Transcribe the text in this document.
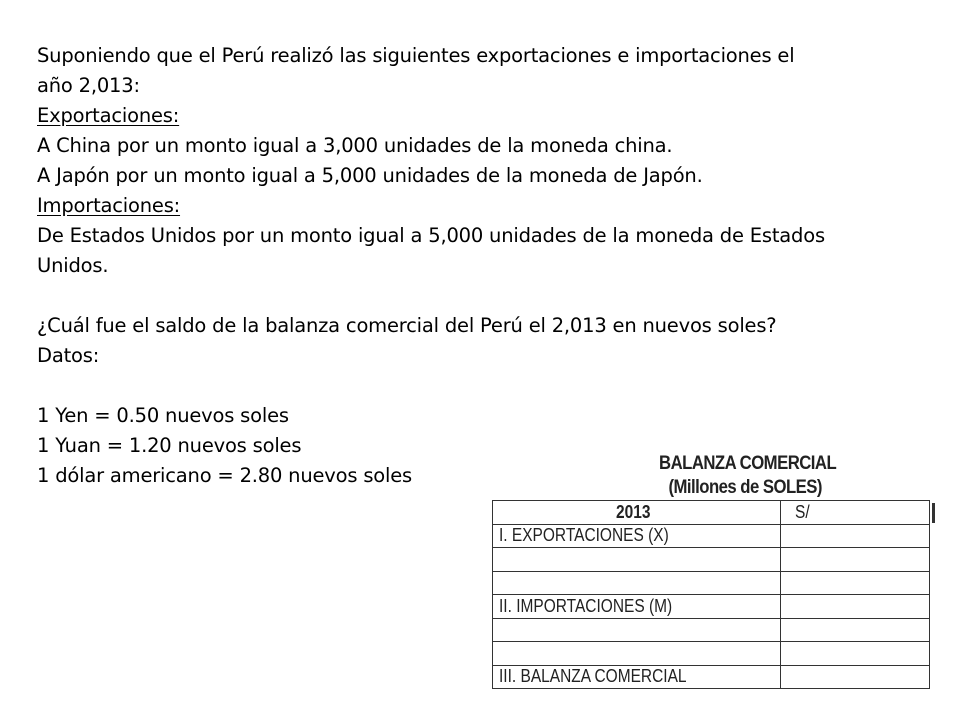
Suponiendo que el Perú realizó las siguientes exportaciones e importaciones el
año 2,013:
Exportaciones:
A China por un monto igual a 3,000 unidades de la moneda china.
A Japón por un monto igual a 5,000 unidades de la moneda de Japón.
Importaciones:
De Estados Unidos por un monto igual a 5,000 unidades de la moneda de Estados
Unidos.
¿Cuál fue el saldo de la balanza comercial del Perú el 2,013 en nuevos soles?
Datos:
1 Yen = 0.50 nuevos soles
1 Yuan = 1.20 nuevos soles
1 dólar americano = 2.80 nuevos soles
BALANZA COMERCIAL
(Millones de SOLES)
2013	S/
I. EXPORTACIONES (X)	

II. IMPORTACIONES (M)	

III. BALANZA COMERCIAL	
